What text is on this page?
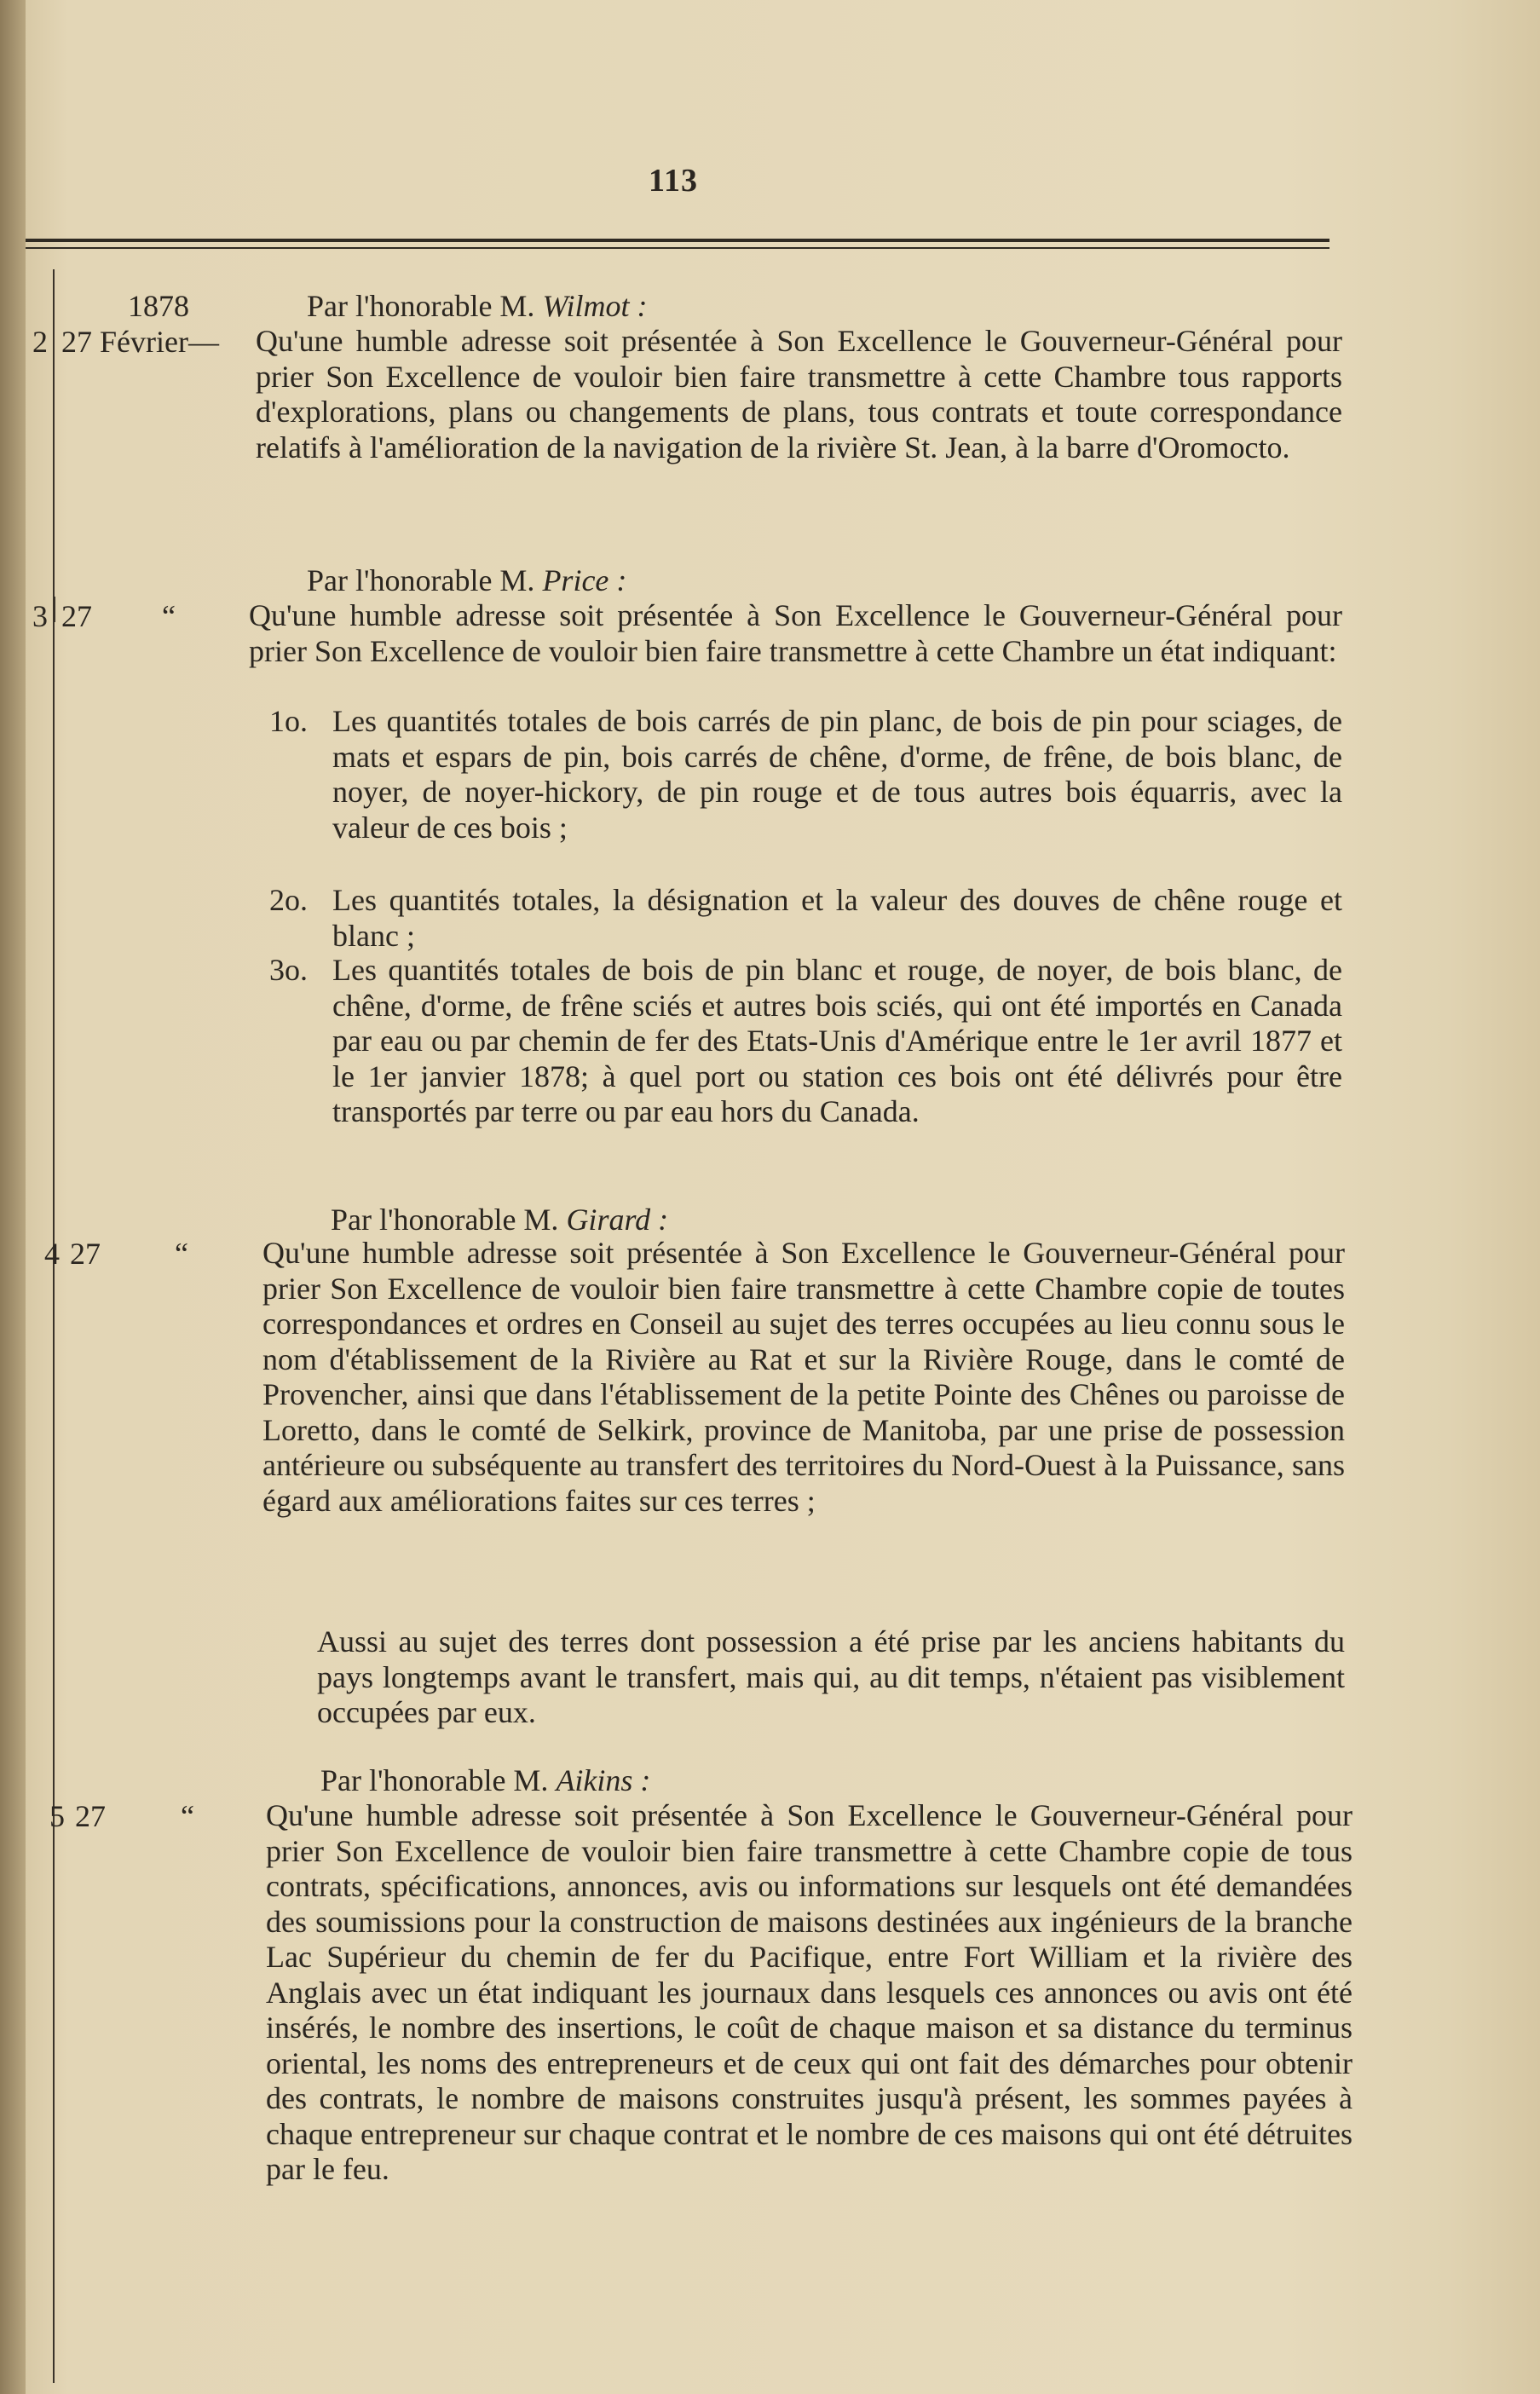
113
1878	Par l'honorable M. Wilmot :
2 27 Février— Qu'une humble adresse soit présentée à Son Excellence le Gouverneur-Général pour prier Son Excellence de vouloir bien faire transmettre à cette Chambre tous rapports d'explorations, plans ou changements de plans, tous contrats et toute correspondance relatifs à l'amélioration de la navigation de la rivière St. Jean, à la barre d'Oromocto.
Par l'honorable M. Price :
3 27 “ Qu'une humble adresse soit présentée à Son Excellence le Gouverneur-Général pour prier Son Excellence de vouloir bien faire transmettre à cette Chambre un état indiquant:
1o. Les quantités totales de bois carrés de pin planc, de bois de pin pour sciages, de mats et espars de pin, bois carrés de chêne, d'orme, de frêne, de bois blanc, de noyer, de noyer-hickory, de pin rouge et de tous autres bois équarris, avec la valeur de ces bois ;
2o. Les quantités totales, la désignation et la valeur des douves de chêne rouge et blanc ;
3o. Les quantités totales de bois de pin blanc et rouge, de noyer, de bois blanc, de chêne, d'orme, de frêne sciés et autres bois sciés, qui ont été importés en Canada par eau ou par chemin de fer des Etats-Unis d'Amérique entre le 1er avril 1877 et le 1er janvier 1878; à quel port ou station ces bois ont été délivrés pour être transportés par terre ou par eau hors du Canada.
Par l'honorable M. Girard :
4 27 “ Qu'une humble adresse soit présentée à Son Excellence le Gouverneur-Général pour prier Son Excellence de vouloir bien faire transmettre à cette Chambre copie de toutes correspondances et ordres en Conseil au sujet des terres occupées au lieu connu sous le nom d'établissement de la Rivière au Rat et sur la Rivière Rouge, dans le comté de Provencher, ainsi que dans l'établissement de la petite Pointe des Chênes ou paroisse de Loretto, dans le comté de Selkirk, province de Manitoba, par une prise de possession antérieure ou subséquente au transfert des territoires du Nord-Ouest à la Puissance, sans égard aux améliorations faites sur ces terres ;
Aussi au sujet des terres dont possession a été prise par les anciens habitants du pays longtemps avant le transfert, mais qui, au dit temps, n'étaient pas visiblement occupées par eux.
Par l'honorable M. Aikins :
5 27 “ Qu'une humble adresse soit présentée à Son Excellence le Gouverneur-Général pour prier Son Excellence de vouloir bien faire transmettre à cette Chambre copie de tous contrats, spécifications, annonces, avis ou informations sur lesquels ont été demandées des soumissions pour la construction de maisons destinées aux ingénieurs de la branche Lac Supérieur du chemin de fer du Pacifique, entre Fort William et la rivière des Anglais avec un état indiquant les journaux dans lesquels ces annonces ou avis ont été insérés, le nombre des insertions, le coût de chaque maison et sa distance du terminus oriental, les noms des entrepreneurs et de ceux qui ont fait des démarches pour obtenir des contrats, le nombre de maisons construites jusqu'à présent, les sommes payées à chaque entrepreneur sur chaque contrat et le nombre de ces maisons qui ont été détruites par le feu.
